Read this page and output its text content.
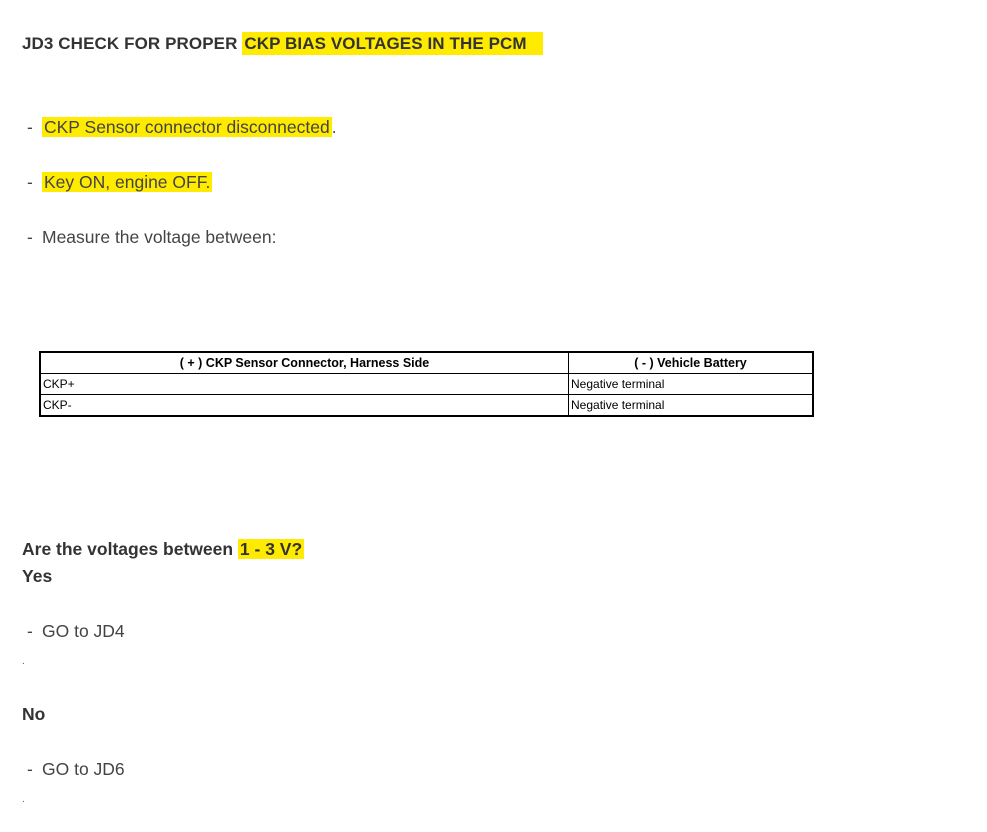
JD3 CHECK FOR PROPER CKP BIAS VOLTAGES IN THE PCM
- CKP Sensor connector disconnected .
- Key ON, engine OFF.
- Measure the voltage between:
( + ) CKP Sensor Connector, Harness Side	( - ) Vehicle Battery
CKP+	Negative terminal
CKP-	Negative terminal
Are the voltages between 1 - 3 V?
Yes
- GO to JD4
.
No
- GO to JD6
.
